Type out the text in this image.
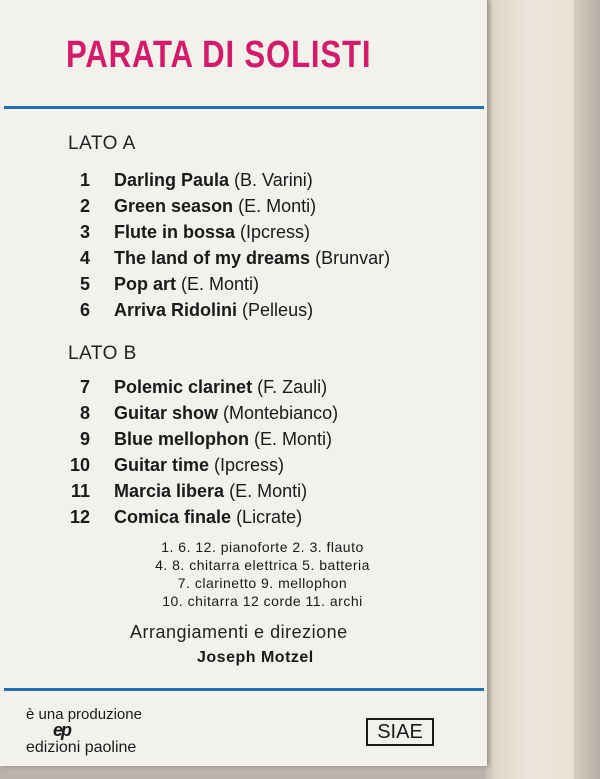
PARATA DI SOLISTI
LATO A
1 Darling Paula (B. Varini)
2 Green season (E. Monti)
3 Flute in bossa (Ipcress)
4 The land of my dreams (Brunvar)
5 Pop art (E. Monti)
6 Arriva Ridolini (Pelleus)
LATO B
7 Polemic clarinet (F. Zauli)
8 Guitar show (Montebianco)
9 Blue mellophon (E. Monti)
10 Guitar time (Ipcress)
11 Marcia libera (E. Monti)
12 Comica finale (Licrate)
1. 6. 12. pianoforte 2. 3. flauto
4. 8. chitarra elettrica 5. batteria
7. clarinetto 9. mellophon
10. chitarra 12 corde 11. archi
Arrangiamenti e direzione
Joseph Motzel
è una produzione
ep
edizioni paoline
SIAE
